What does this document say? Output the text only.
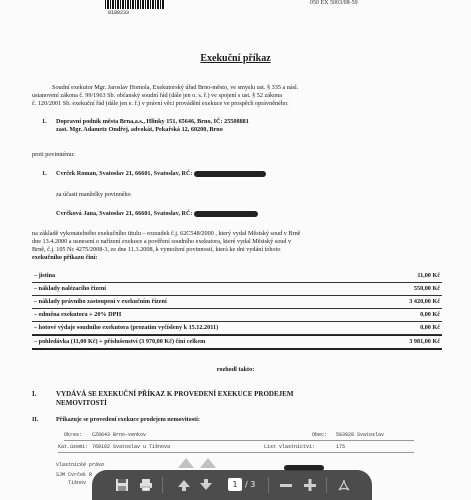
8180233
050 EX 5003/08-59
Exekuční příkaz
Soudní exekutor Mgr. Jaroslav Homola, Exekutorský úřad Brno-město, ve smyslu ust. § 335 a násl.
ustanovení zákona č. 99/1963 Sb. občanský soudní řád (dále jen o. s. ř.) ve spojení s ust. § 52 zákona
č. 120/2001 Sb. exekuční řád (dále jen e. ř.) v právní věci provádění exekuce ve prospěch oprávněného:
1. Dopravní podnik města Brna,a.s., Hlinky 151, 65646, Brno, IČ: 25508881
zast. Mgr. Adametz Ondřej, advokát, Pekařská 12, 60200, Brno
proti povinnému:
1. Cvrček Roman, Svatoslav 21, 66601, Svatoslav, RČ:
za účasti manželky povinného
Cvrčková Jana, Svatoslav 21, 66601, Svatoslav, RČ:
na základě vykonatelného exekučního titulu – rozsudek č.j. 62C548/2000 , který vydal Městský soud v Brně
dne 13.4.2000 a usnesení o nařízení exekuce a pověření soudního exekutora, které vydal Městský soud v
Brně, č.j. 105 Nc 4275/2008-3, ze dne 11.3.2008, k vymožení povinnosti, která ke dni vydání tohoto
exekučního příkazu činí:
– jistina	11,00 Kč
– náklady nalézacího řízení	550,00 Kč
– náklady právního zastoupení v exekučním řízení	3 420,00 Kč
– odměna exekutora + 20% DPH	0,00 Kč
– hotové výdaje soudního exekutora (prozatím vyčísleny k 15.12.2011)	0,00 Kč
– pohledávka (11,00 Kč) + příslušenství (3 970,00 Kč) činí celkem	3 981,00 Kč
rozhodl takto:
I.	VYDÁVÁ SE EXEKUČNÍ PŘÍKAZ K PROVEDENÍ EXEKUCE PRODEJEM
NEMOVITOSTÍ
II.	Přikazuje se provedení exekuce prodejem nemovitostí:
Okres: CZ0643 Brno-venkov	Obec: 583928 Svatoslav
Kat.území: 760102 Svatoslav u Tišnova	List vlastnictví:	175
Vlastnické právo
SJM Cvrček R
Tišnov	1 / 3
